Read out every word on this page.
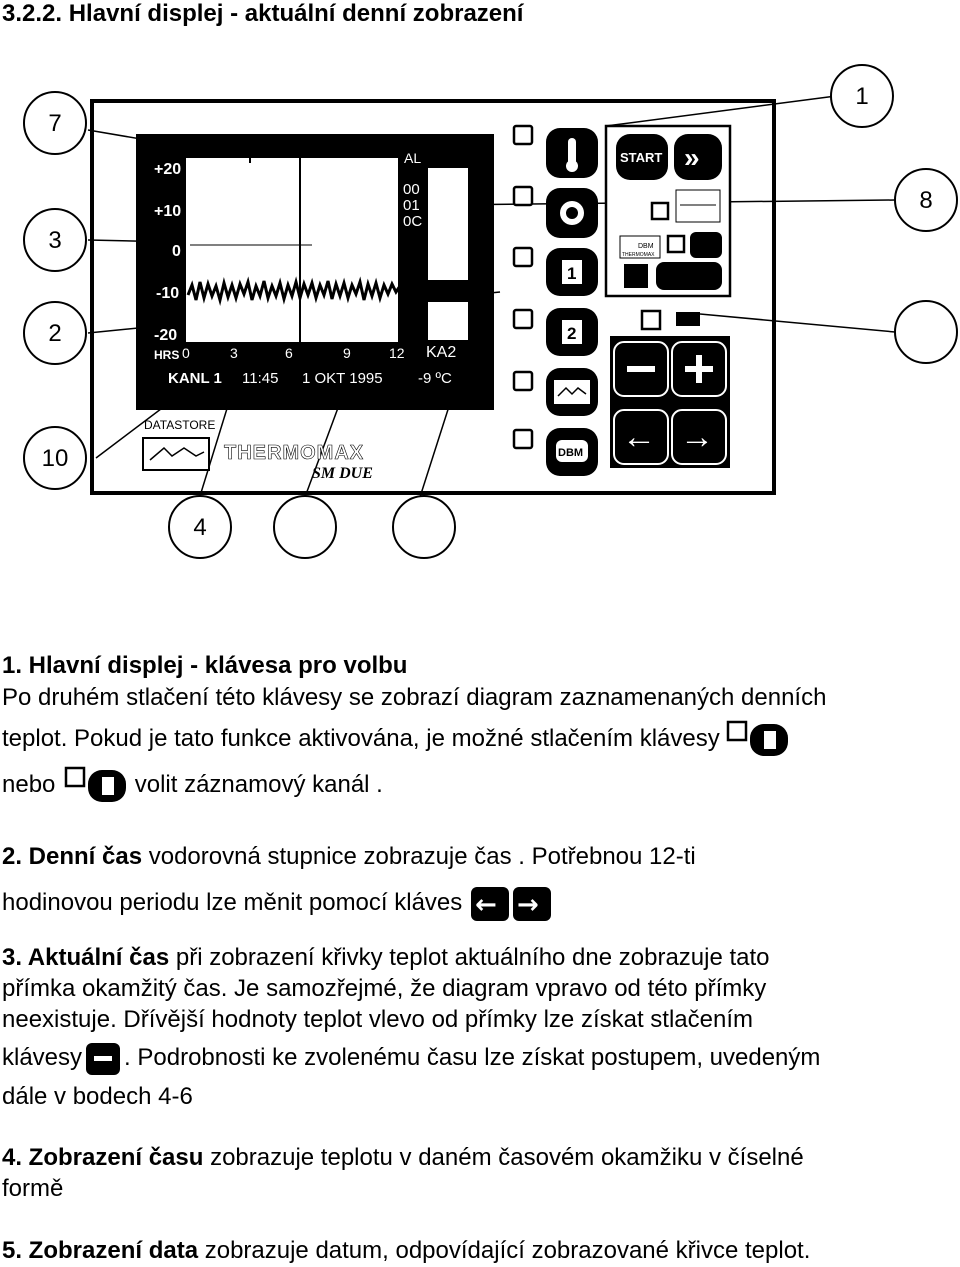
3.2.2. Hlavní displej - aktuální denní zobrazení
+20
+10
0
-10
-20
HRS 0	3	6	9	12 KA2
AL
00
01
0C
KANL 1 11:45 1 OKT 1995 -9 ºC
DATASTORE
THERMOMAX
SM DUE
1
2
DBM
START »
DBM
THERMOMAX
← →
1
7
8
3
2
10
4
1. Hlavní displej - klávesa pro volbu
Po druhém stlačení této klávesy se zobrazí diagram zaznamenaných denních
teplot. Pokud je tato funkce aktivována, je možné stlačením klávesy
nebo	volit záznamový kanál .
2. Denní čas vodorovná stupnice zobrazuje čas . Potřebnou 12-ti
hodinovou periodu lze měnit pomocí kláves ← →
3. Aktuální čas při zobrazení křivky teplot aktuálního dne zobrazuje tato
přímka okamžitý čas. Je samozřejmé, že diagram vpravo od této přímky
neexistuje. Dřívější hodnoty teplot vlevo od přímky lze získat stlačením
klávesy . Podrobnosti ke zvolenému času lze získat postupem, uvedeným
dále v bodech 4-6
4. Zobrazení času zobrazuje teplotu v daném časovém okamžiku v číselné
formě
5. Zobrazení data zobrazuje datum, odpovídající zobrazované křivce teplot.
